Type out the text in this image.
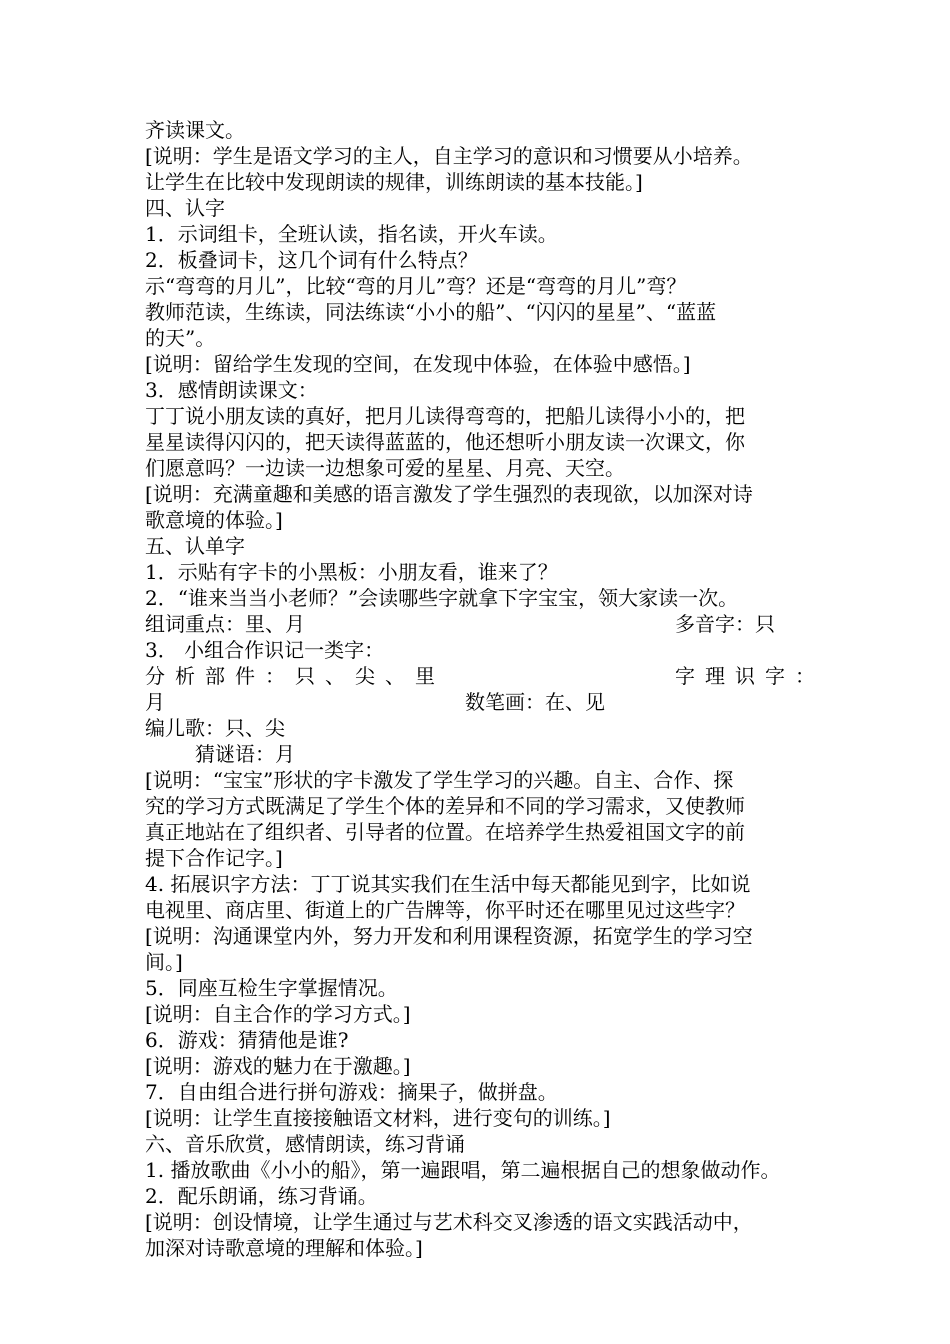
齐读课文。
[说明：学生是语文学习的主人，自主学习的意识和习惯要从小培养。
让学生在比较中发现朗读的规律，训练朗读的基本技能。]
四、认字
1．示词组卡，全班认读，指名读，开火车读。
2．板叠词卡，这几个词有什么特点？
示“弯弯的月儿”，比较“弯的月儿”弯？还是“弯弯的月儿”弯？
教师范读，生练读，同法练读“小小的船”、“闪闪的星星”、“蓝蓝
的天”。
[说明：留给学生发现的空间，在发现中体验，在体验中感悟。]
3．感情朗读课文：
丁丁说小朋友读的真好，把月儿读得弯弯的，把船儿读得小小的，把
星星读得闪闪的，把天读得蓝蓝的，他还想听小朋友读一次课文，你
们愿意吗？一边读一边想象可爱的星星、月亮、天空。
[说明：充满童趣和美感的语言激发了学生强烈的表现欲，以加深对诗
歌意境的体验。]
五、认单字
1．示贴有字卡的小黑板：小朋友看，谁来了？
2．“谁来当当小老师？”会读哪些字就拿下字宝宝，领大家读一次。
组词重点：里、月	多音字：只
3． 小组合作识记一类字：
分析部件：只、尖、里	字理识字：
月	数笔画：在、见
编儿歌：只、尖
猜谜语：月
[说明：“宝宝”形状的字卡激发了学生学习的兴趣。自主、合作、探
究的学习方式既满足了学生个体的差异和不同的学习需求，又使教师
真正地站在了组织者、引导者的位置。在培养学生热爱祖国文字的前
提下合作记字。]
4. 拓展识字方法：丁丁说其实我们在生活中每天都能见到字，比如说
电视里、商店里、街道上的广告牌等，你平时还在哪里见过这些字？
[说明：沟通课堂内外，努力开发和利用课程资源，拓宽学生的学习空
间。]
5．同座互检生字掌握情况。
[说明：自主合作的学习方式。]
6．游戏：猜猜他是谁?
[说明：游戏的魅力在于激趣。]
7．自由组合进行拼句游戏：摘果子，做拼盘。
[说明：让学生直接接触语文材料，进行变句的训练。]
六、音乐欣赏，感情朗读，练习背诵
1. 播放歌曲《小小的船》，第一遍跟唱，第二遍根据自己的想象做动作。
2．配乐朗诵，练习背诵。
[说明：创设情境，让学生通过与艺术科交叉渗透的语文实践活动中，
加深对诗歌意境的理解和体验。]
